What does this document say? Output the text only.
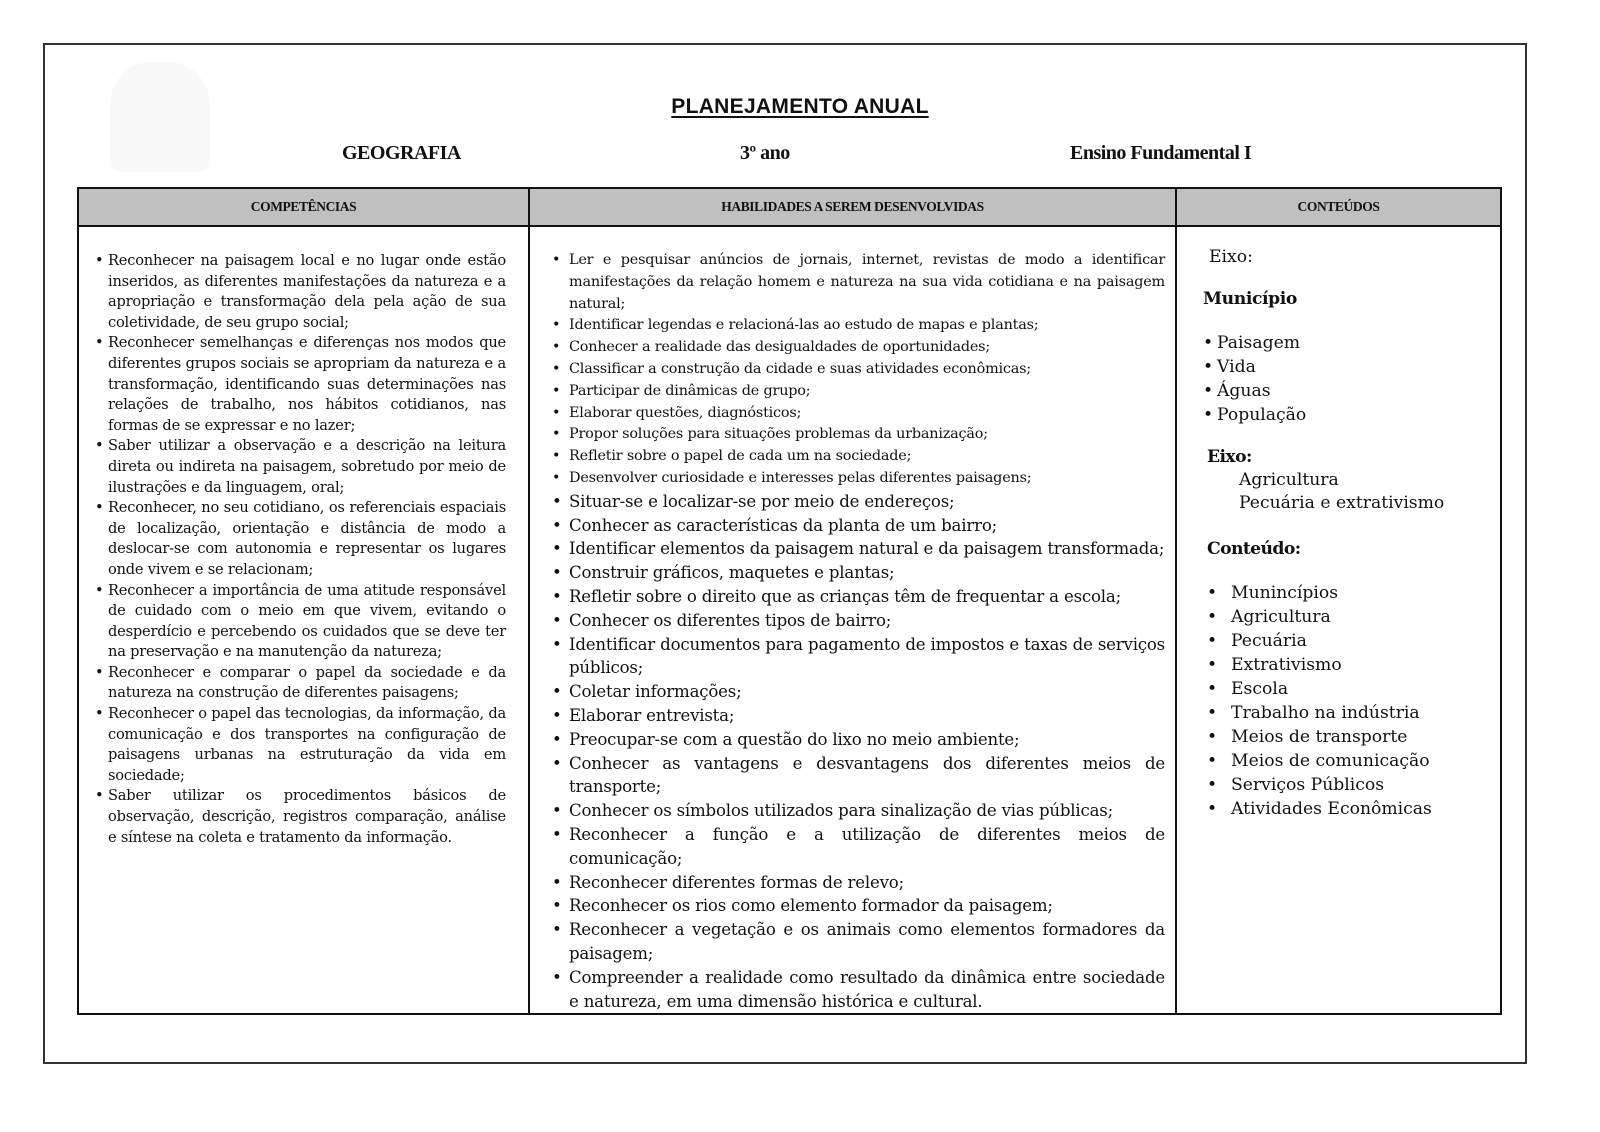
PLANEJAMENTO ANUAL
GEOGRAFIA	3º ano	Ensino Fundamental I
COMPETÊNCIAS	HABILIDADES A SEREM DESENVOLVIDAS	CONTEÚDOS

• Reconhecer na paisagem local e no lugar onde estão inseridos, as diferentes manifestações da natureza e a apropriação e transformação dela pela ação de sua coletividade, de seu grupo social;
• Reconhecer semelhanças e diferenças nos modos que diferentes grupos sociais se apropriam da natureza e a transformação, identificando suas determinações nas relações de trabalho, nos hábitos cotidianos, nas formas de se expressar e no lazer;
• Saber utilizar a observação e a descrição na leitura direta ou indireta na paisagem, sobretudo por meio de ilustrações e da linguagem, oral;
• Reconhecer, no seu cotidiano, os referenciais espaciais de localização, orientação e distância de modo a deslocar-se com autonomia e representar os lugares onde vivem e se relacionam;
• Reconhecer a importância de uma atitude responsável de cuidado com o meio em que vivem, evitando o desperdício e percebendo os cuidados que se deve ter na preservação e na manutenção da natureza;
• Reconhecer e comparar o papel da sociedade e da natureza na construção de diferentes paisagens;
• Reconhecer o papel das tecnologias, da informação, da comunicação e dos transportes na configuração de paisagens urbanas na estruturação da vida em sociedade;
• Saber utilizar os procedimentos básicos de observação, descrição, registros comparação, análise e síntese na coleta e tratamento da informação.

• Ler e pesquisar anúncios de jornais, internet, revistas de modo a identificar manifestações da relação homem e natureza na sua vida cotidiana e na paisagem natural;
• Identificar legendas e relacioná-las ao estudo de mapas e plantas;
• Conhecer a realidade das desigualdades de oportunidades;
• Classificar a construção da cidade e suas atividades econômicas;
• Participar de dinâmicas de grupo;
• Elaborar questões, diagnósticos;
• Propor soluções para situações problemas da urbanização;
• Refletir sobre o papel de cada um na sociedade;
• Desenvolver curiosidade e interesses pelas diferentes paisagens;
• Situar-se e localizar-se por meio de endereços;
• Conhecer as características da planta de um bairro;
• Identificar elementos da paisagem natural e da paisagem transformada;
• Construir gráficos, maquetes e plantas;
• Refletir sobre o direito que as crianças têm de frequentar a escola;
• Conhecer os diferentes tipos de bairro;
• Identificar documentos para pagamento de impostos e taxas de serviços públicos;
• Coletar informações;
• Elaborar entrevista;
• Preocupar-se com a questão do lixo no meio ambiente;
• Conhecer as vantagens e desvantagens dos diferentes meios de transporte;
• Conhecer os símbolos utilizados para sinalização de vias públicas;
• Reconhecer a função e a utilização de diferentes meios de comunicação;
• Reconhecer diferentes formas de relevo;
• Reconhecer os rios como elemento formador da paisagem;
• Reconhecer a vegetação e os animais como elementos formadores da paisagem;
• Compreender a realidade como resultado da dinâmica entre sociedade e natureza, em uma dimensão histórica e cultural.

Eixo:
Município
• Paisagem
• Vida
• Águas
• População
Eixo:
Agricultura
Pecuária e extrativismo
Conteúdo:
• Munincípios
• Agricultura
• Pecuária
• Extrativismo
• Escola
• Trabalho na indústria
• Meios de transporte
• Meios de comunicação
• Serviços Públicos
• Atividades Econômicas
